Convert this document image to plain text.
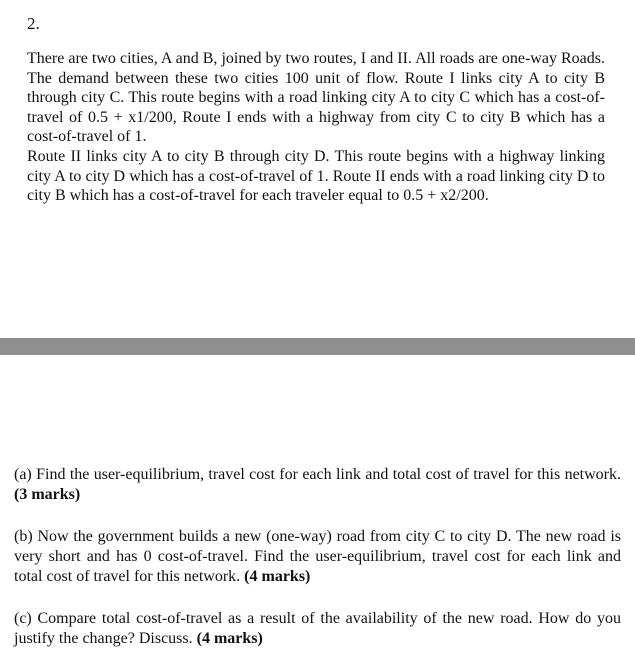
2.

There are two cities, A and B, joined by two routes, I and II. All roads are one-way Roads. The demand between these two cities 100 unit of flow. Route I links city A to city B through city C. This route begins with a road linking city A to city C which has a cost-of-travel of 0.5 + x1/200, Route I ends with a highway from city C to city B which has a cost-of-travel of 1.

Route II links city A to city B through city D. This route begins with a highway linking city A to city D which has a cost-of-travel of 1. Route II ends with a road linking city D to city B which has a cost-of-travel for each traveler equal to 0.5 + x2/200.

(a) Find the user-equilibrium, travel cost for each link and total cost of travel for this network. (3 marks)

(b) Now the government builds a new (one-way) road from city C to city D. The new road is very short and has 0 cost-of-travel. Find the user-equilibrium, travel cost for each link and total cost of travel for this network. (4 marks)

(c) Compare total cost-of-travel as a result of the availability of the new road. How do you justify the change? Discuss. (4 marks)
